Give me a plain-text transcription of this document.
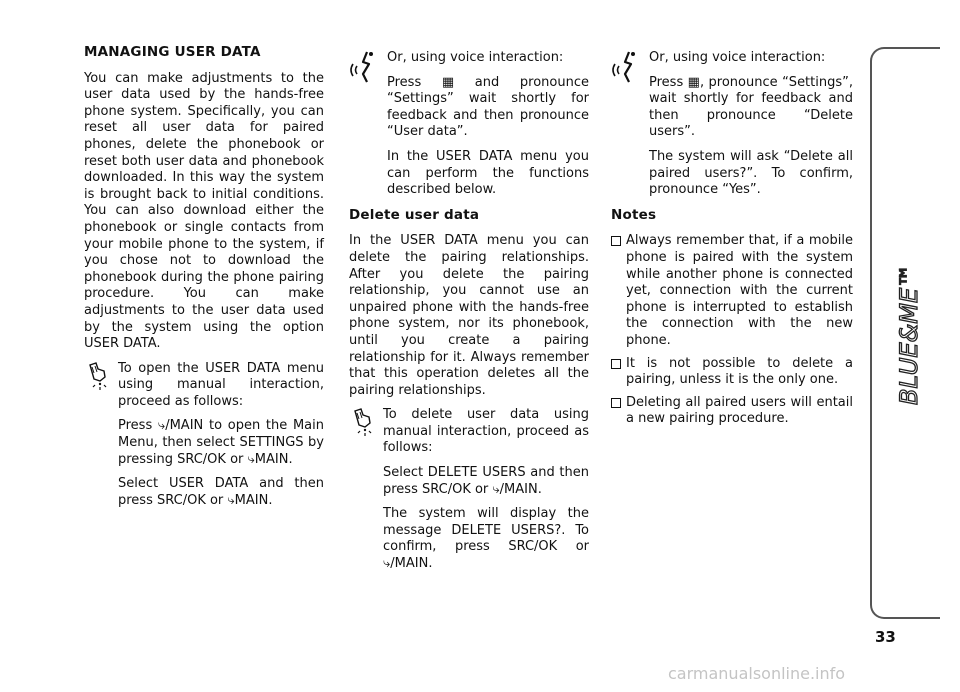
MANAGING USER DATA

You can make adjustments to the user data used by the hands-free phone system. Specifically, you can reset all user data for paired phones, delete the phonebook or reset both user data and phonebook downloaded. In this way the system is brought back to initial conditions. You can also download either the phonebook or single contacts from your mobile phone to the system, if you chose not to download the phonebook during the phone pairing procedure. You can make adjustments to the user data used by the system using the option USER DATA.

To open the USER DATA menu using manual interaction, proceed as follows:

Press ⤷/MAIN to open the Main Menu, then select SETTINGS by pressing SRC/OK or ⤷MAIN.

Select USER DATA and then press SRC/OK or ⤷MAIN.

Or, using voice interaction:

Press ▦ and pronounce “Settings” wait shortly for feedback and then pronounce “User data”.

In the USER DATA menu you can perform the functions described below.

Delete user data

In the USER DATA menu you can delete the pairing relationships. After you delete the pairing relationship, you cannot use an unpaired phone with the hands-free phone system, nor its phonebook, until you create a pairing relationship for it. Always remember that this operation deletes all the pairing relationships.

To delete user data using manual interaction, proceed as follows:

Select DELETE USERS and then press SRC/OK or ⤷/MAIN.

The system will display the message DELETE USERS?. To confirm, press SRC/OK or ⤷/MAIN.

Or, using voice interaction:

Press ▦, pronounce “Settings”, wait shortly for feedback and then pronounce “Delete users”.

The system will ask “Delete all paired users?”. To confirm, pronounce “Yes”.

Notes

Always remember that, if a mobile phone is paired with the system while another phone is connected yet, connection with the current phone is interrupted to establish the connection with the new phone.
It is not possible to delete a pairing, unless it is the only one.
Deleting all paired users will entail a new pairing procedure.
BLUE&ME™
33
carmanualsonline.info
